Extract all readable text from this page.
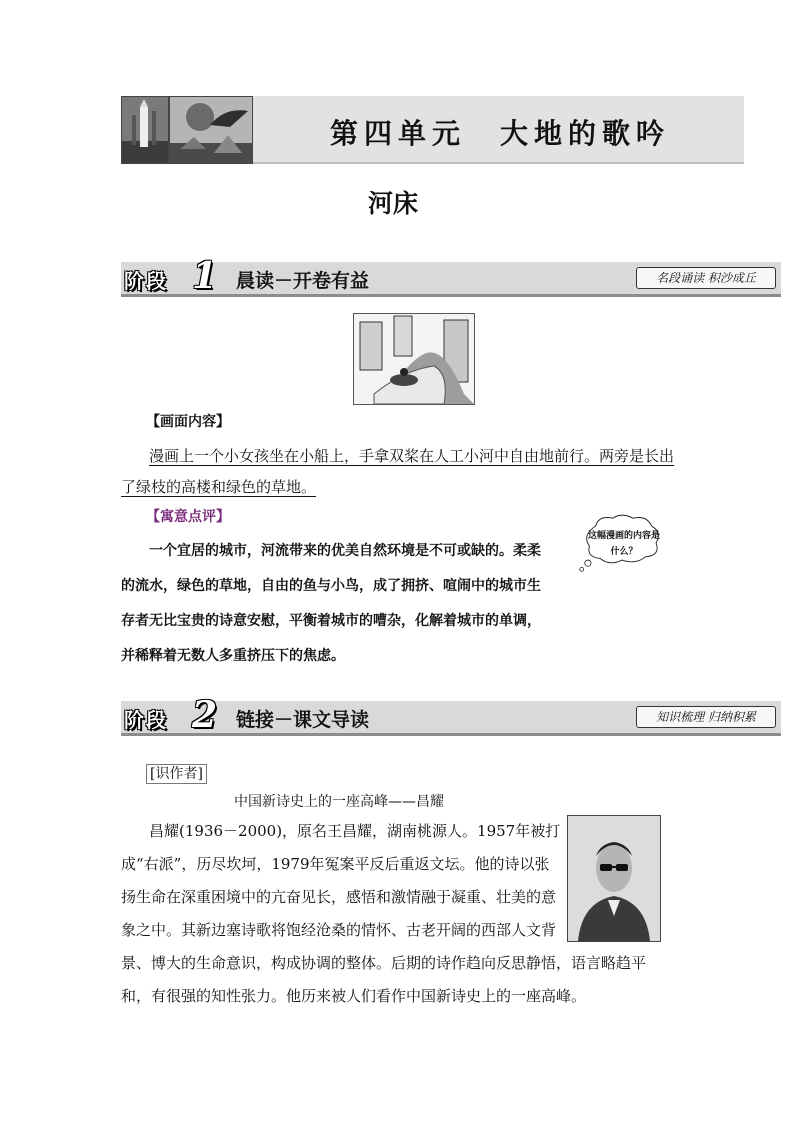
第四单元　大地的歌吟
河床
阶段 1 晨读－开卷有益	名段诵读 积沙成丘
【画面内容】
漫画上一个小女孩坐在小船上，手拿双桨在人工小河中自由地前行。两旁是长出了绿枝的高楼和绿色的草地。
【寓意点评】
一个宜居的城市，河流带来的优美自然环境是不可或缺的。柔柔的流水，绿色的草地，自由的鱼与小鸟，成了拥挤、喧闹中的城市生存者无比宝贵的诗意安慰，平衡着城市的嘈杂，化解着城市的单调，并稀释着无数人多重挤压下的焦虑。
这幅漫画的内容是什么？
阶段 2 链接－课文导读	知识梳理 归纳积累
[识作者]
中国新诗史上的一座高峰——昌耀
昌耀(1936－2000)，原名王昌耀，湖南桃源人。1957年被打成“右派”，历尽坎坷，1979年冤案平反后重返文坛。他的诗以张扬生命在深重困境中的亢奋见长，感悟和激情融于凝重、壮美的意象之中。其新边塞诗歌将饱经沧桑的情怀、古老开阔的西部人文背景、博大的生命意识，构成协调的整体。后期的诗作趋向反思静悟，语言略趋平和，有很强的知性张力。他历来被人们看作中国新诗史上的一座高峰。
